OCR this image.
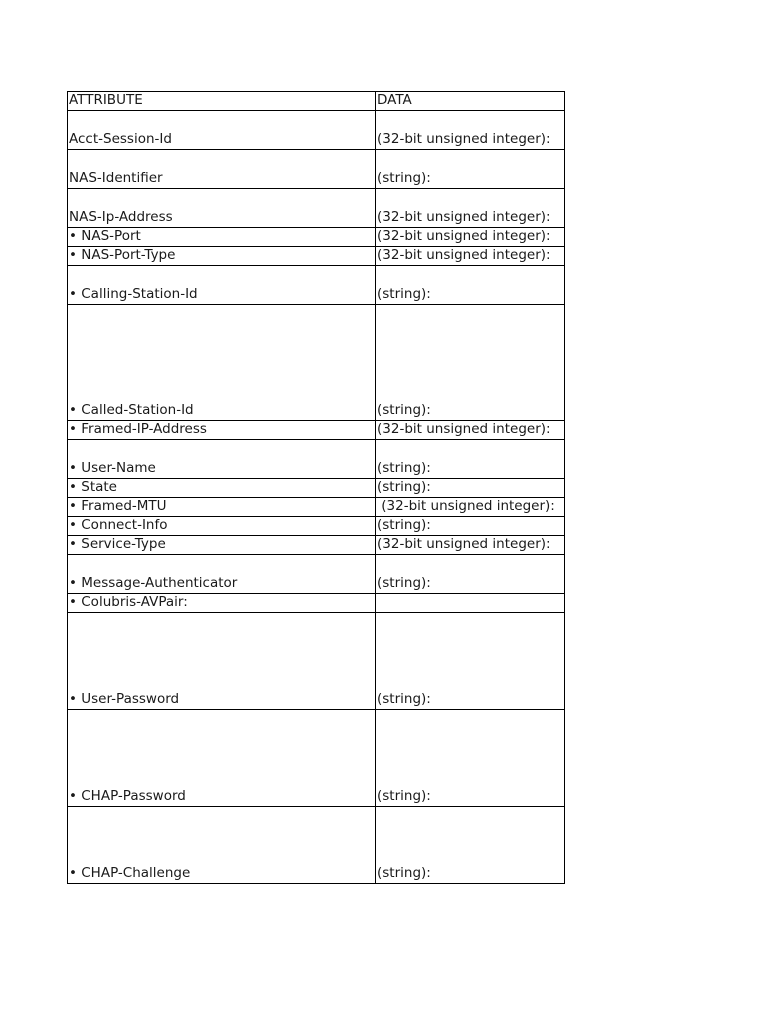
ATTRIBUTE	DATA
Acct-Session-Id	(32-bit unsigned integer):
NAS-Identifier	(string):
NAS-Ip-Address	(32-bit unsigned integer):
• NAS-Port	(32-bit unsigned integer):
• NAS-Port-Type	(32-bit unsigned integer):
• Calling-Station-Id	(string):
• Called-Station-Id	(string):
• Framed-IP-Address	(32-bit unsigned integer):
• User-Name	(string):
• State	(string):
• Framed-MTU	(32-bit unsigned integer):
• Connect-Info	(string):
• Service-Type	(32-bit unsigned integer):
• Message-Authenticator	(string):
• Colubris-AVPair:	
• User-Password	(string):
• CHAP-Password	(string):
• CHAP-Challenge	(string):
